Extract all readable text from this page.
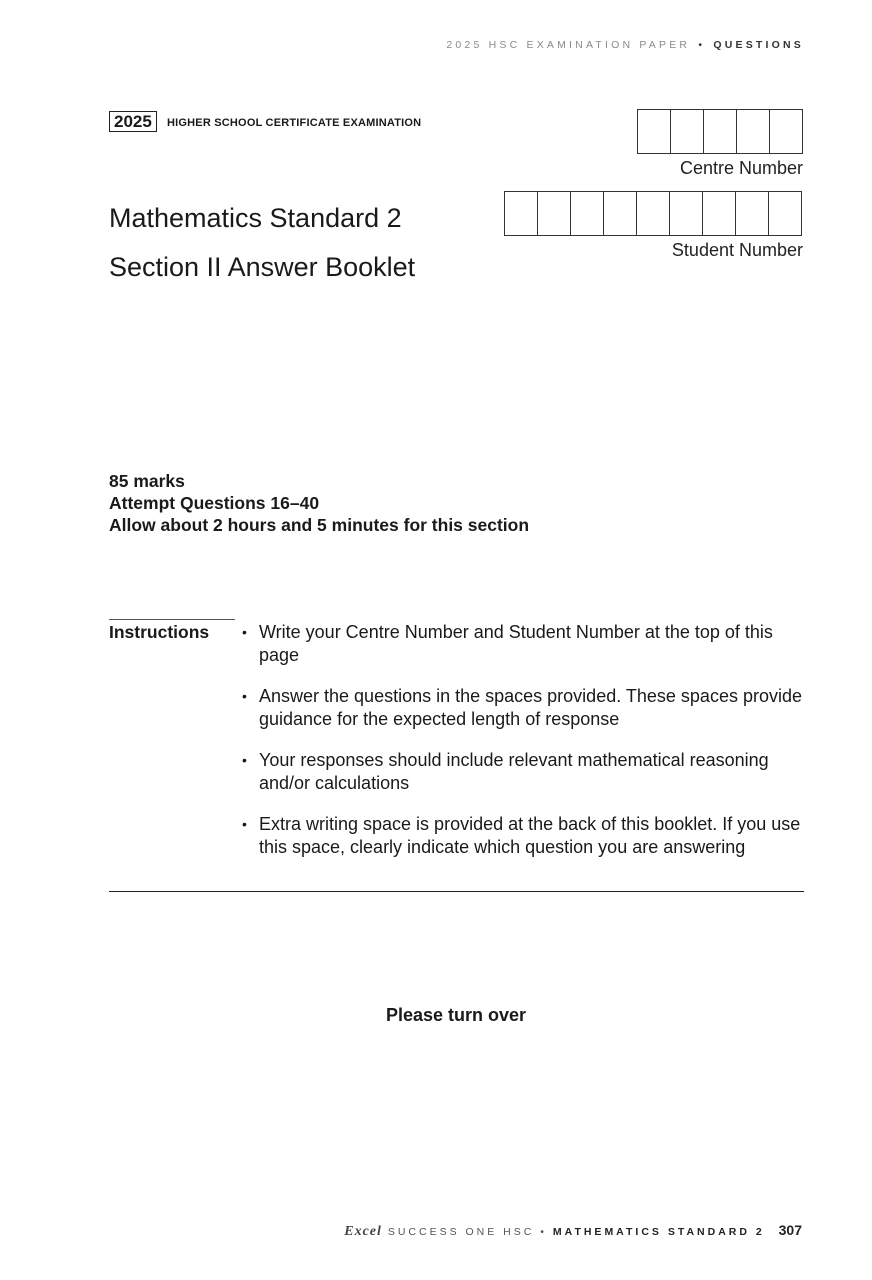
2025 HSC EXAMINATION PAPER • QUESTIONS
2025	HIGHER SCHOOL CERTIFICATE EXAMINATION
Centre Number
Student Number
Mathematics Standard 2
Section II Answer Booklet
85 marks
Attempt Questions 16–40
Allow about 2 hours and 5 minutes for this section
Instructions • Write your Centre Number and Student Number at the top of this page
• Answer the questions in the spaces provided. These spaces provide guidance for the expected length of response
• Your responses should include relevant mathematical reasoning and/or calculations
• Extra writing space is provided at the back of this booklet. If you use this space, clearly indicate which question you are answering
Please turn over
Excel SUCCESS ONE HSC • MATHEMATICS STANDARD 2 307
